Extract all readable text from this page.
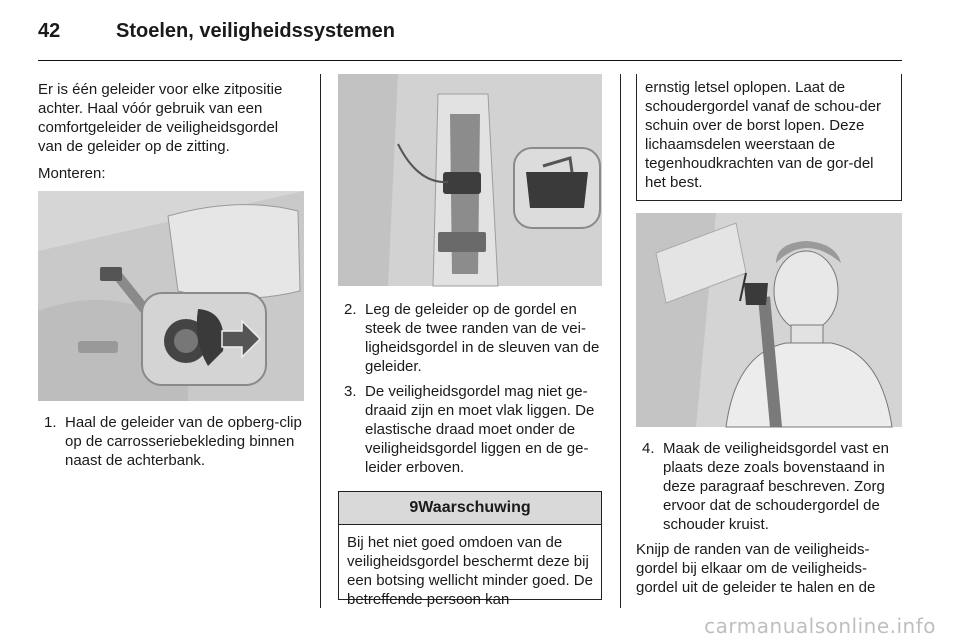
42	Stoelen, veiligheidssystemen

Er is één geleider voor elke zitpositie achter. Haal vóór gebruik van een comfortgeleider de veiligheidsgordel van de geleider op de zitting.

Monteren:

1. Haal de geleider van de opberg-clip op de carrosseriebekleding binnen naast de achterbank.
2. Leg de geleider op de gordel en steek de twee randen van de vei-ligheidsgordel in de sleuven van de geleider.
3. De veiligheidsgordel mag niet ge-draaid zijn en moet vlak liggen. De elastische draad moet onder de veiligheidsgordel liggen en de ge-leider erboven.
9Waarschuwing
Bij het niet goed omdoen van de veiligheidsgordel beschermt deze bij een botsing wellicht minder goed. De betreffende persoon kan
ernstig letsel oplopen. Laat de schoudergordel vanaf de schou-der schuin over de borst lopen. Deze lichaamsdelen weerstaan de tegenhoudkrachten van de gor-del het best.
4. Maak de veiligheidsgordel vast en plaats deze zoals bovenstaand in deze paragraaf beschreven. Zorg ervoor dat de schoudergordel de schouder kruist.

Knijp de randen van de veiligheids-gordel bij elkaar om de veiligheids-gordel uit de geleider te halen en de

carmanualsonline.info
